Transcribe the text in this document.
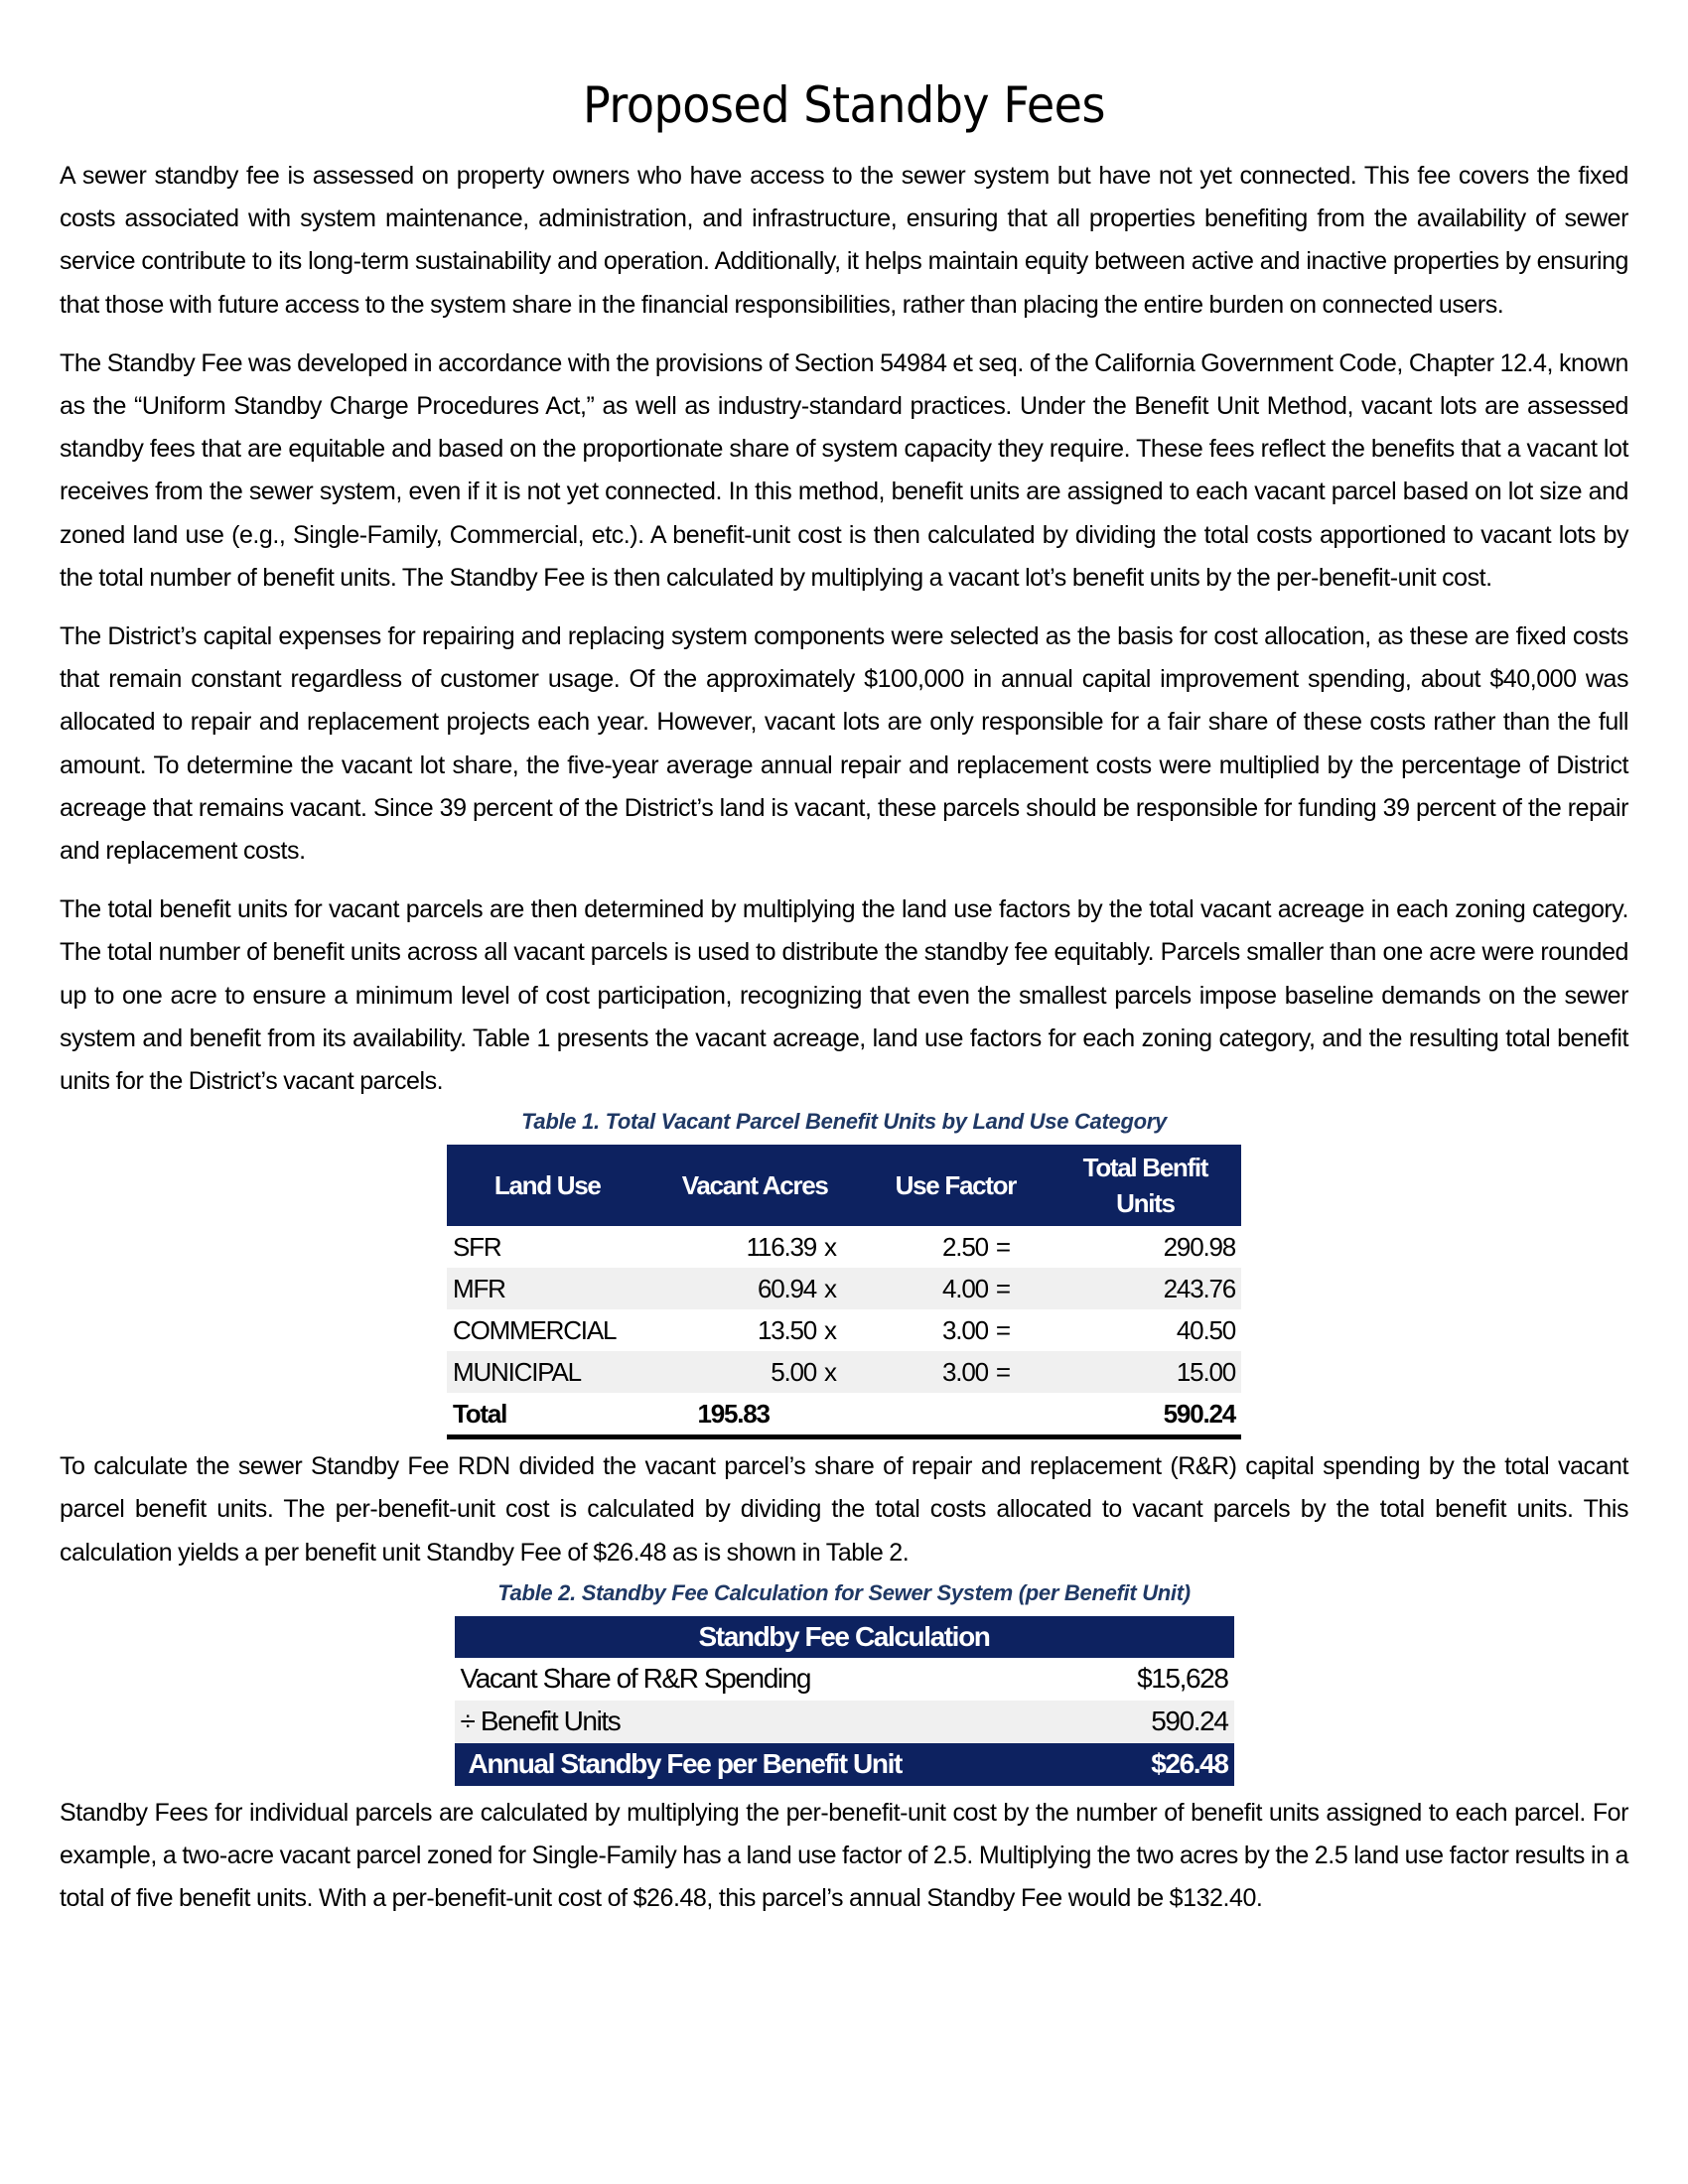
Proposed Standby Fees

A sewer standby fee is assessed on property owners who have access to the sewer system but have not yet connected. This fee covers the fixed costs associated with system maintenance, administration, and infrastructure, ensuring that all properties benefiting from the availability of sewer service contribute to its long-term sustainability and operation. Additionally, it helps maintain equity between active and inactive properties by ensuring that those with future access to the system share in the financial responsibilities, rather than placing the entire burden on connected users.

The Standby Fee was developed in accordance with the provisions of Section 54984 et seq. of the California Government Code, Chapter 12.4, known as the “Uniform Standby Charge Procedures Act,” as well as industry-standard practices. Under the Benefit Unit Method, vacant lots are assessed standby fees that are equitable and based on the proportionate share of system capacity they require. These fees reflect the benefits that a vacant lot receives from the sewer system, even if it is not yet connected. In this method, benefit units are assigned to each vacant parcel based on lot size and zoned land use (e.g., Single-Family, Commercial, etc.). A benefit-unit cost is then calculated by dividing the total costs apportioned to vacant lots by the total number of benefit units. The Standby Fee is then calculated by multiplying a vacant lot’s benefit units by the per-benefit-unit cost.

The District’s capital expenses for repairing and replacing system components were selected as the basis for cost allocation, as these are fixed costs that remain constant regardless of customer usage. Of the approximately $100,000 in annual capital improvement spending, about $40,000 was allocated to repair and replacement projects each year. However, vacant lots are only responsible for a fair share of these costs rather than the full amount. To determine the vacant lot share, the five-year average annual repair and replacement costs were multiplied by the percentage of District acreage that remains vacant. Since 39 percent of the District’s land is vacant, these parcels should be responsible for funding 39 percent of the repair and replacement costs.

The total benefit units for vacant parcels are then determined by multiplying the land use factors by the total vacant acreage in each zoning category. The total number of benefit units across all vacant parcels is used to distribute the standby fee equitably. Parcels smaller than one acre were rounded up to one acre to ensure a minimum level of cost participation, recognizing that even the smallest parcels impose baseline demands on the sewer system and benefit from its availability. Table 1 presents the vacant acreage, land use factors for each zoning category, and the resulting total benefit units for the District’s vacant parcels.

Table 1. Total Vacant Parcel Benefit Units by Land Use Category
Land Use	Vacant Acres	Use Factor	Total Benfit Units
SFR	116.39 x	2.50 =	290.98
MFR	60.94 x	4.00 =	243.76
COMMERCIAL	13.50 x	3.00 =	40.50
MUNICIPAL	5.00 x	3.00 =	15.00
Total	195.83		590.24

To calculate the sewer Standby Fee RDN divided the vacant parcel’s share of repair and replacement (R&R) capital spending by the total vacant parcel benefit units. The per-benefit-unit cost is calculated by dividing the total costs allocated to vacant parcels by the total benefit units. This calculation yields a per benefit unit Standby Fee of $26.48 as is shown in Table 2.

Table 2. Standby Fee Calculation for Sewer System (per Benefit Unit)
Standby Fee Calculation	
Vacant Share of R&R Spending	$15,628
÷ Benefit Units	590.24
Annual Standby Fee per Benefit Unit	$26.48

Standby Fees for individual parcels are calculated by multiplying the per-benefit-unit cost by the number of benefit units assigned to each parcel. For example, a two-acre vacant parcel zoned for Single-Family has a land use factor of 2.5. Multiplying the two acres by the 2.5 land use factor results in a total of five benefit units. With a per-benefit-unit cost of $26.48, this parcel’s annual Standby Fee would be $132.40.
